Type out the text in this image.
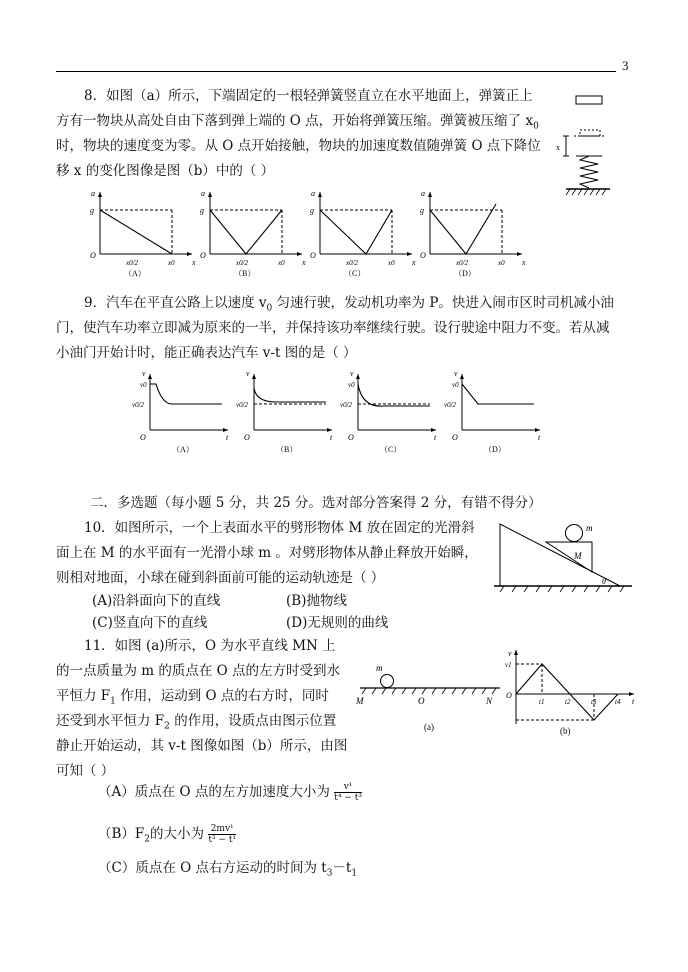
3
8．如图（a）所示，下端固定的一根轻弹簧竖直立在水平地面上，弹簧正上
方有一物块从高处自由下落到弹上端的 O 点，开始将弹簧压缩。弹簧被压缩了 $x_0$
时，物块的速度变为零。从 O 点开始接触，物块的加速度数值随弹簧 O 点下降位
移 x 的变化图像是图（b）中的（ ）
x
O
g
a
x
x0/2	x0
（A）
O
g
a
x
x0/2	x0
（B）
O
g
a
x
x0/2	x0
（C）
O
g
a
x
x0/2	x0
（D）
9．汽车在平直公路上以速度 $v_0$ 匀速行驶，发动机功率为 P。快进入闹市区时司机减小油
门，使汽车功率立即减为原来的一半，并保持该功率继续行驶。设行驶途中阻力不变。若从减
小油门开始计时，能正确表达汽车 v-t 图的是（ ）
O
v
t
v0
v0/2
（A）
O
v
t
v0/2
（B）
O
v
t
v0
v0/2
（C）
O
v
t
v0
v0/2
（D）
二．多选题（每小题 5 分，共 25 分。选对部分答案得 2 分，有错不得分）
10．如图所示，一个上表面水平的劈形物体 M 放在固定的光滑斜
面上在 M 的水平面有一光滑小球 m 。对劈形物体从静止释放开始瞬，
则相对地面，小球在碰到斜面前可能的运动轨迹是（ ）
(A)沿斜面向下的直线	(B)抛物线
(C)竖直向下的直线	(D)无规则的曲线
m
M
θ
11．如图 (a)所示，O 为水平直线 MN 上
的一点质量为 m 的质点在 O 点的左方时受到水
平恒力 $F_1$ 作用，运动到 O 点的右方时，同时
还受到水平恒力 $F_2$ 的作用，设质点由图示位置
静止开始运动，其 v-t 图像如图（b）所示，由图
可知（ ）
m
M	O	N
(a)
v
v1
O
t1	t2	t3	t4 t
(b)
（A）质点在 O 点的左方加速度大小为 $\frac{\text{v¹}}{\text{t⁴ − t³}}$
$(B)F_2$的大小为 $\frac{\text{2mv¹}}{\text{t³ − t¹}}$
（C）质点在 O 点右方运动的时间为 $t_3-t_1$
